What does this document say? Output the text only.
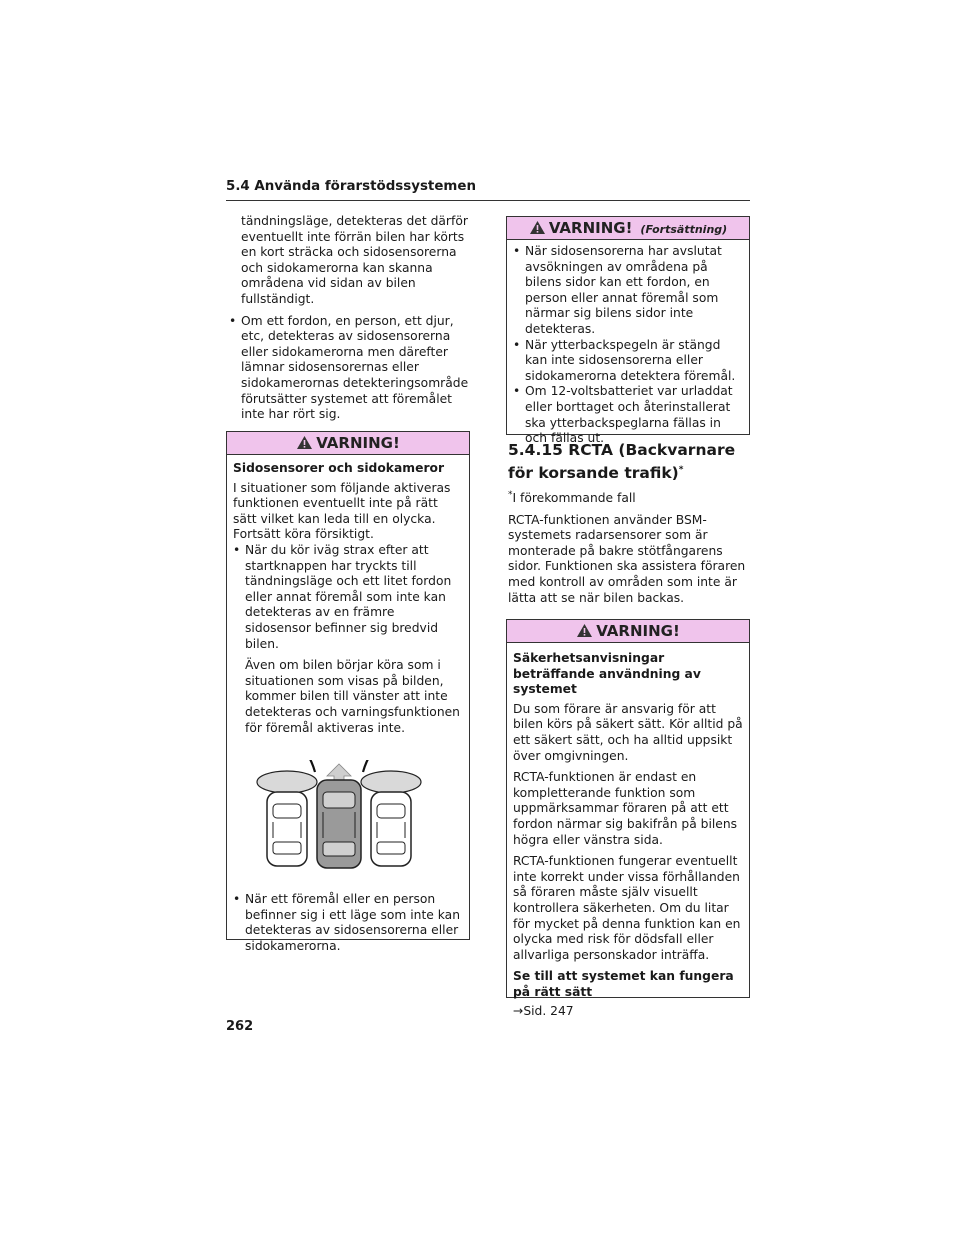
5.4 Använda förarstödssystemen

tändningsläge, detekteras det därför eventuellt inte förrän bilen har körts en kort sträcka och sidosensorerna och sidokamerorna kan skanna områdena vid sidan av bilen fullständigt.

• Om ett fordon, en person, ett djur, etc, detekteras av sidosensorerna eller sidokamerorna men därefter lämnar sidosensorernas eller sidokamerornas detekteringsområde förutsätter systemet att föremålet inte har rört sig.
VARNING!

Sidosensorer och sidokameror

I situationer som följande aktiveras funktionen eventuellt inte på rätt sätt vilket kan leda till en olycka. Fortsätt köra försiktigt.

• När du kör iväg strax efter att startknappen har tryckts till tändningsläge och ett litet fordon eller annat föremål som inte kan detekteras av en främre sidosensor befinner sig bredvid bilen.
Även om bilen börjar köra som i situationen som visas på bilden, kommer bilen till vänster att inte detekteras och varningsfunktionen för föremål aktiveras inte.
• När ett föremål eller en person befinner sig i ett läge som inte kan detekteras av sidosensorerna eller sidokamerorna.
VARNING! (Fortsättning)
• När sidosensorerna har avslutat avsökningen av områdena på bilens sidor kan ett fordon, en person eller annat föremål som närmar sig bilens sidor inte detekteras.
• När ytterbackspegeln är stängd kan inte sidosensorerna eller sidokamerorna detektera föremål.
• Om 12-voltsbatteriet var urladdat eller borttaget och återinstallerat ska ytterbackspeglarna fällas in och fällas ut.
5.4.15 RCTA (Backvarnare för korsande trafik)*

*I förekommande fall

RCTA-funktionen använder BSM-systemets radarsensorer som är monterade på bakre stötfångarens sidor. Funktionen ska assistera föraren med kontroll av områden som inte är lätta att se när bilen backas.

VARNING!

Säkerhetsanvisningar beträffande användning av systemet

Du som förare är ansvarig för att bilen körs på säkert sätt. Kör alltid på ett säkert sätt, och ha alltid uppsikt över omgivningen.

RCTA-funktionen är endast en kompletterande funktion som uppmärksammar föraren på att ett fordon närmar sig bakifrån på bilens högra eller vänstra sida.

RCTA-funktionen fungerar eventuellt inte korrekt under vissa förhållanden så föraren måste själv visuellt kontrollera säkerheten. Om du litar för mycket på denna funktion kan en olycka med risk för dödsfall eller allvarliga personskador inträffa.

Se till att systemet kan fungera på rätt sätt

→Sid. 247

262
